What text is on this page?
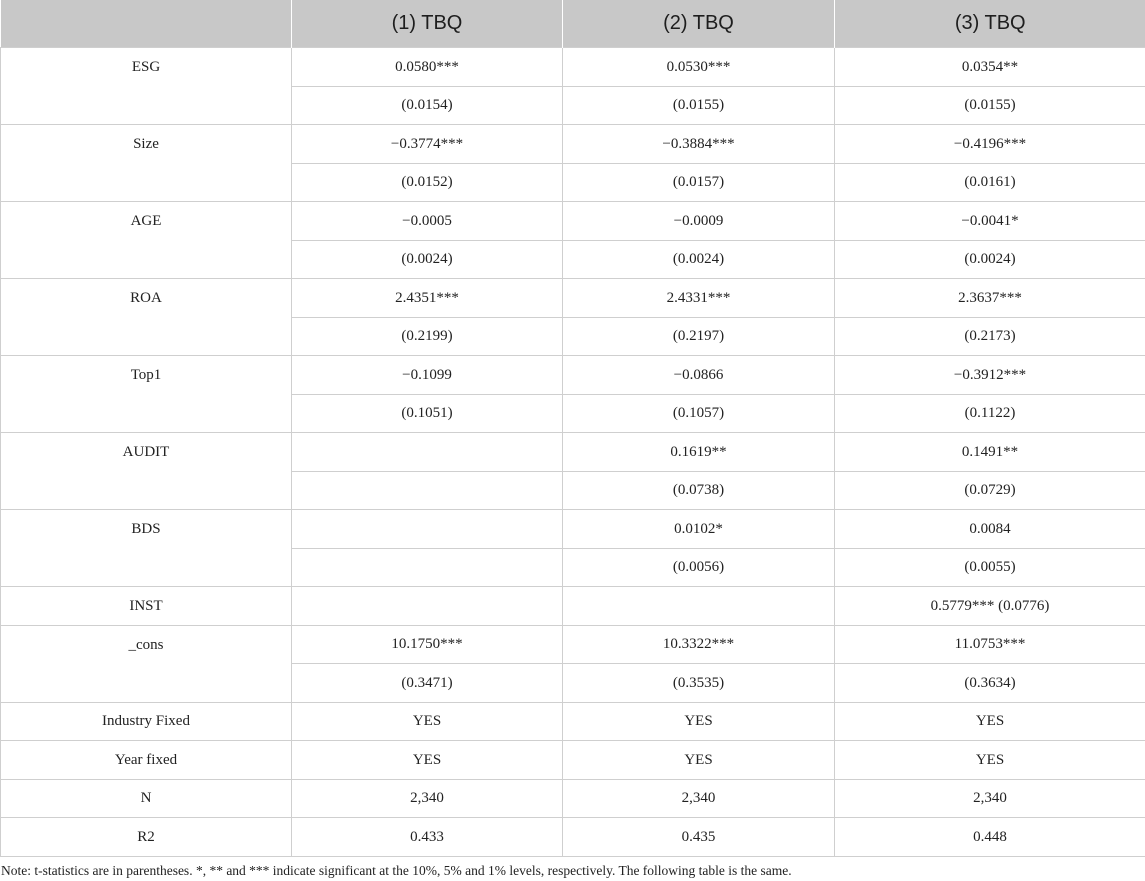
	(1) TBQ	(2) TBQ	(3) TBQ
ESG	0.0580***	0.0530***	0.0354**
	(0.0154)	(0.0155)	(0.0155)
Size	−0.3774***	−0.3884***	−0.4196***
	(0.0152)	(0.0157)	(0.0161)
AGE	−0.0005	−0.0009	−0.0041*
	(0.0024)	(0.0024)	(0.0024)
ROA	2.4351***	2.4331***	2.3637***
	(0.2199)	(0.2197)	(0.2173)
Top1	−0.1099	−0.0866	−0.3912***
	(0.1051)	(0.1057)	(0.1122)
AUDIT		0.1619**	0.1491**
		(0.0738)	(0.0729)
BDS		0.0102*	0.0084
		(0.0056)	(0.0055)
INST			0.5779*** (0.0776)
_cons	10.1750***	10.3322***	11.0753***
	(0.3471)	(0.3535)	(0.3634)
Industry Fixed	YES	YES	YES
Year fixed	YES	YES	YES
N	2,340	2,340	2,340
R2	0.433	0.435	0.448
Note: t-statistics are in parentheses. *, ** and *** indicate significant at the 10%, 5% and 1% levels, respectively. The following table is the same.
